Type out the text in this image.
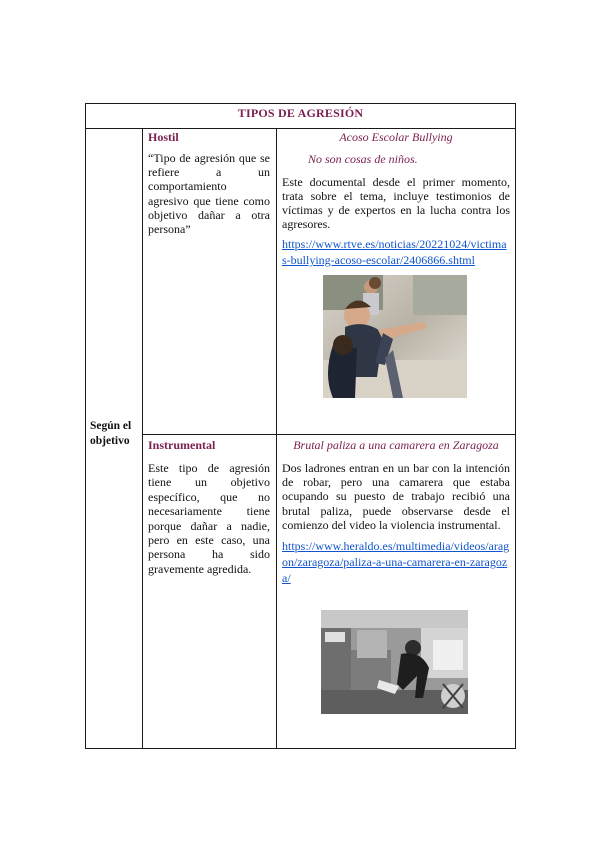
TIPOS DE AGRESIÓN
Según el objetivo
Hostil
“Tipo de agresión que se refiere a un comportamiento agresivo que tiene como objetivo dañar a otra persona”
Acoso Escolar Bullying
No son cosas de niños.
Este documental desde el primer momento, trata sobre el tema, incluye testimonios de víctimas y de expertos en la lucha contra los agresores.
https://www.rtve.es/noticias/20221024/victimas-bullying-acoso-escolar/2406866.shtml
Instrumental
Este tipo de agresión tiene un objetivo específico, que no necesariamente tiene porque dañar a nadie, pero en este caso, una persona ha sido gravemente agredida.
Brutal paliza a una camarera en Zaragoza
Dos ladrones entran en un bar con la intención de robar, pero una camarera que estaba ocupando su puesto de trabajo recibió una brutal paliza, puede observarse desde el comienzo del video la violencia instrumental.
https://www.heraldo.es/multimedia/videos/aragon/zaragoza/paliza-a-una-camarera-en-zaragoza/
